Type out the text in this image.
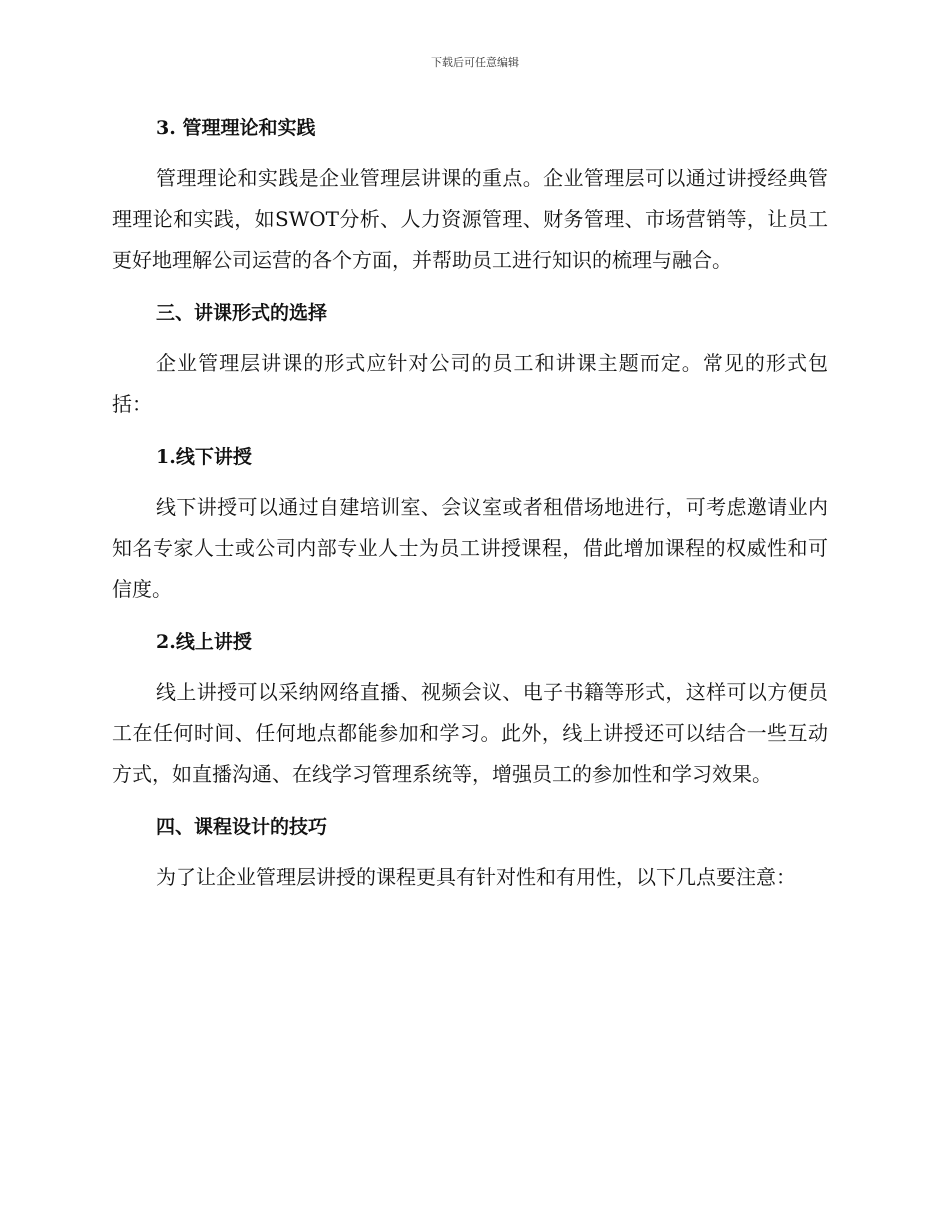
下载后可任意编辑
3. 管理理论和实践

管理理论和实践是企业管理层讲课的重点。企业管理层可以通过讲授经典管理理论和实践，如SWOT分析、人力资源管理、财务管理、市场营销等，让员工更好地理解公司运营的各个方面，并帮助员工进行知识的梳理与融合。

三、讲课形式的选择

企业管理层讲课的形式应针对公司的员工和讲课主题而定。常见的形式包括：

1.线下讲授

线下讲授可以通过自建培训室、会议室或者租借场地进行，可考虑邀请业内知名专家人士或公司内部专业人士为员工讲授课程，借此增加课程的权威性和可信度。

2.线上讲授

线上讲授可以采纳网络直播、视频会议、电子书籍等形式，这样可以方便员工在任何时间、任何地点都能参加和学习。此外，线上讲授还可以结合一些互动方式，如直播沟通、在线学习管理系统等，增强员工的参加性和学习效果。

四、课程设计的技巧

为了让企业管理层讲授的课程更具有针对性和有用性，以下几点要注意：
